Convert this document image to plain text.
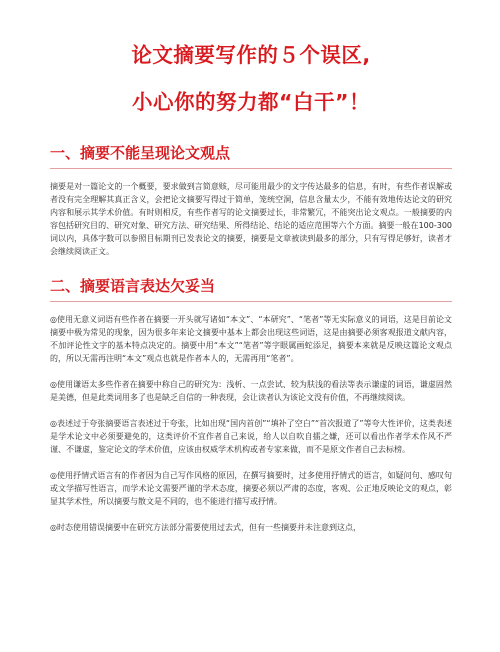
论文摘要写作的５个误区,
小心你的努力都“白干”！
一、摘要不能呈现论文观点

摘要是对一篇论文的一个概要，要求做到言简意赅，尽可能用最少的文字传达最多的信息，有时，有些作者误解或者没有完全理解其真正含义，会把论文摘要写得过于简单，笼统空洞，信息含量太少，不能有效地传达论文的研究内容和展示其学术价值。有时则相反，有些作者写的论文摘要过长，非常繁冗，不能突出论文观点。一般摘要的内容包括研究目的、研究对象、研究方法、研究结果、所得结论、结论的适应范围等六个方面。摘要一般在100-300词以内，具体字数可以参照目标期刊已发表论文的摘要，摘要是文章被读到最多的部分，只有写得足够好，读者才会继续阅读正文。

二、摘要语言表达欠妥当

◎使用无意义词语有些作者在摘要一开头就写诸如“本文”、“本研究”、“笔者”等无实际意义的词语，这是目前论文摘要中极为常见的现象，因为很多年来论文摘要中基本上都会出现这些词语，这是由摘要必须客观报道文献内容，不加评论性文字的基本特点决定的。摘要中用“本文”“笔者”等字眼属画蛇添足，摘要本来就是反映这篇论文观点的，所以无需再注明“本文”观点也就是作者本人的，无需再用“笔者”。

◎使用谦语太多些作者在摘要中称自己的研究为：浅析、一点尝试、较为肤浅的看法等表示谦虚的词语，谦虚固然是美德，但是此类词用多了也是缺乏自信的一种表现，会让读者认为该论文没有价值，不再继续阅读。

◎表述过于夸张摘要语言表述过于夸张，比如出现“国内首创”“填补了空白”“首次报道了”等夸大性评价，这类表述是学术论文中必须要避免的，这类评价不宜作者自己来说，给人以自吹自擂之嫌，还可以看出作者学术作风不严谨、不谦虚，鉴定论文的学术价值，应该由权威学术机构或者专家来做，而不是原文作者自己去标榜。

◎使用抒情式语言有的作者因为自己写作风格的原因，在撰写摘要时，过多使用抒情式的语言，如疑问句、感叹句或文学描写性语言，而学术论文需要严谨的学术态度，摘要必须以严肃的态度，客观、公正地反映论文的观点，彰显其学术性，所以摘要与散文是不同的，也不能进行描写或抒情。

◎时态使用错误摘要中在研究方法部分需要使用过去式，但有一些摘要并未注意到这点，
